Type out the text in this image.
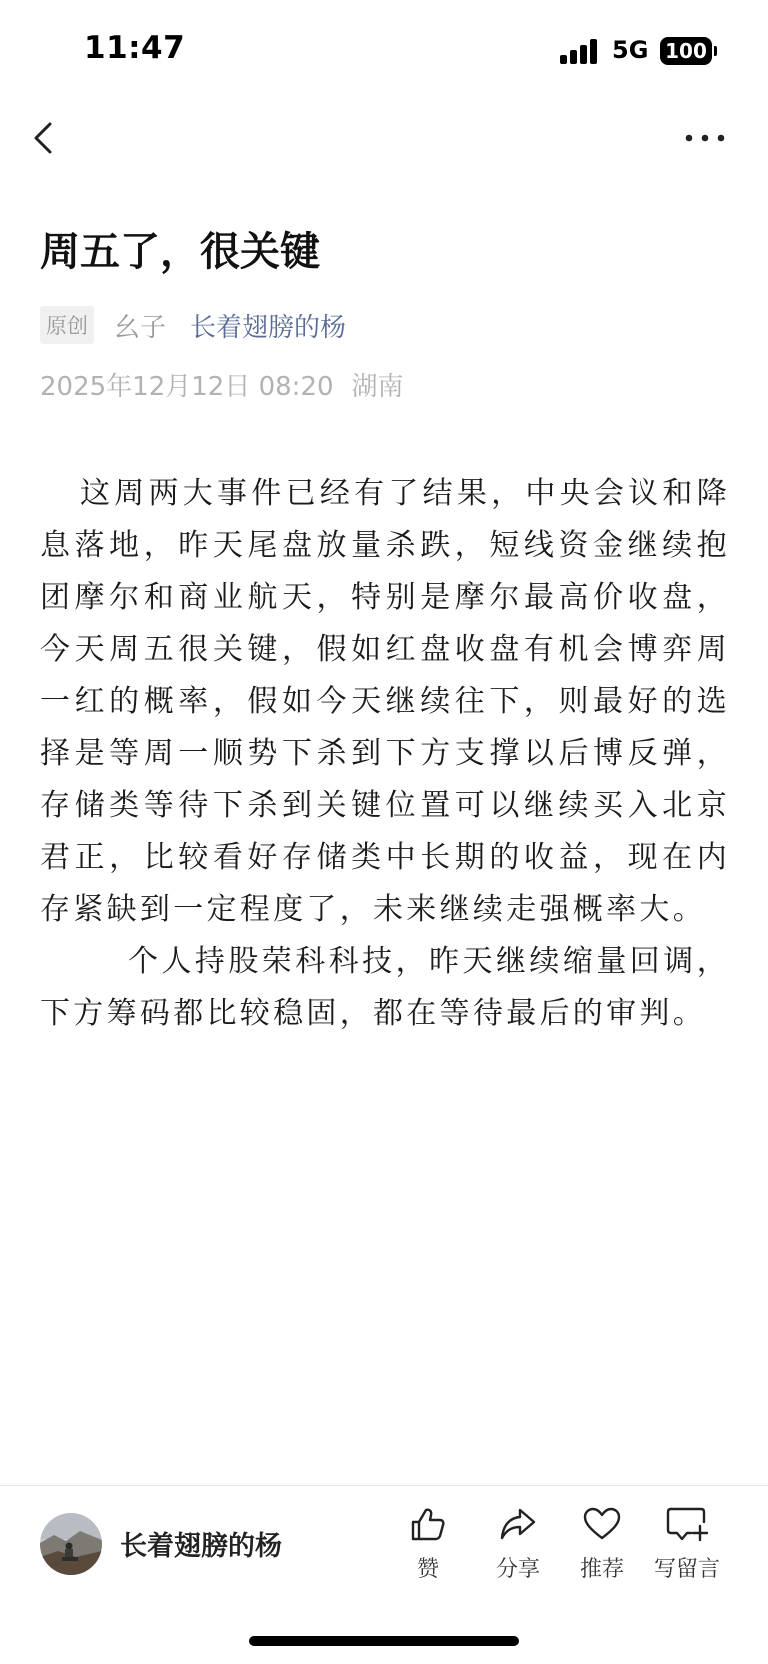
11:47	5G 100
周五了，很关键
原创 幺子 长着翅膀的杨
2025年12月12日 08:20 湖南

这周两大事件已经有了结果，中央会议和降息落地，昨天尾盘放量杀跌，短线资金继续抱团摩尔和商业航天，特别是摩尔最高价收盘，今天周五很关键，假如红盘收盘有机会博弈周一红的概率，假如今天继续往下，则最好的选择是等周一顺势下杀到下方支撑以后博反弹，存储类等待下杀到关键位置可以继续买入北京君正，比较看好存储类中长期的收益，现在内存紧缺到一定程度了，未来继续走强概率大。

个人持股荣科科技，昨天继续缩量回调，下方筹码都比较稳固，都在等待最后的审判。

长着翅膀的杨
赞	分享 推荐 写留言
